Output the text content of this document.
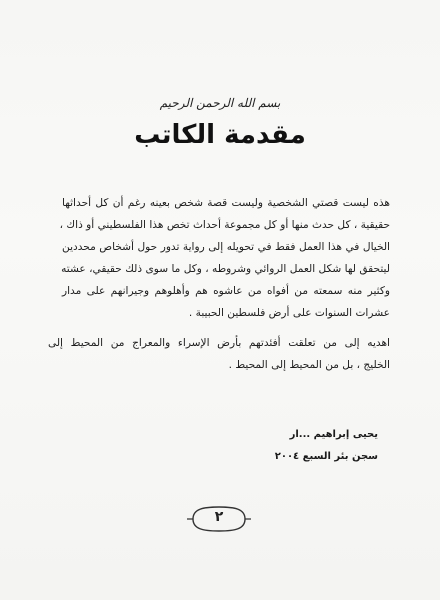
بسم الله الرحمن الرحيم
مقدمة الكاتب
هذه ليست قصتي الشخصية وليست قصة شخص بعينه رغم أن كل أحداثها
حقيقية ، كل حدث منها أو كل مجموعة أحداث تخص هذا الفلسطيني أو ذاك ،
الخيال في هذا العمل فقط في تحويله إلى رواية تدور حول أشخاص محددين
ليتحقق لها شكل العمل الروائي وشروطه ، وكل ما سوى ذلك حقيقي، عشته
وكثير منه سمعته من أفواه من عاشوه هم وأهلوهم وجيرانهم على مدار
عشرات السنوات على أرض فلسطين الحبيبة .
اهديه إلى من تعلقت أفئدتهم بأرض الإسراء والمعراج من المحيط إلى
الخليج ، بل من المحيط إلى المحيط .
يحيى إبراهيم ...ار
سجن بئر السبع ٢٠٠٤
٢
